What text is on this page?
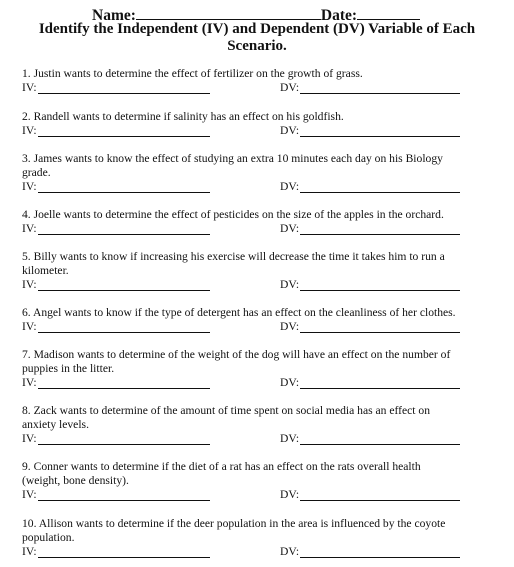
Name:	Date:
Identify the Independent (IV) and Dependent (DV) Variable of Each
Scenario.
1. Justin wants to determine the effect of fertilizer on the growth of grass.
IV:	DV:
2. Randell wants to determine if salinity has an effect on his goldfish.
IV:	DV:
3. James wants to know the effect of studying an extra 10 minutes each day on his Biology
grade.
IV:	DV:
4. Joelle wants to determine the effect of pesticides on the size of the apples in the orchard.
IV:	DV:
5. Billy wants to know if increasing his exercise will decrease the time it takes him to run a
kilometer.
IV:	DV:
6. Angel wants to know if the type of detergent has an effect on the cleanliness of her clothes.
IV:	DV:
7. Madison wants to determine of the weight of the dog will have an effect on the number of
puppies in the litter.
IV:	DV:
8. Zack wants to determine of the amount of time spent on social media has an effect on
anxiety levels.
IV:	DV:
9. Conner wants to determine if the diet of a rat has an effect on the rats overall health
(weight, bone density).
IV:	DV:
10. Allison wants to determine if the deer population in the area is influenced by the coyote
population.
IV:	DV:
